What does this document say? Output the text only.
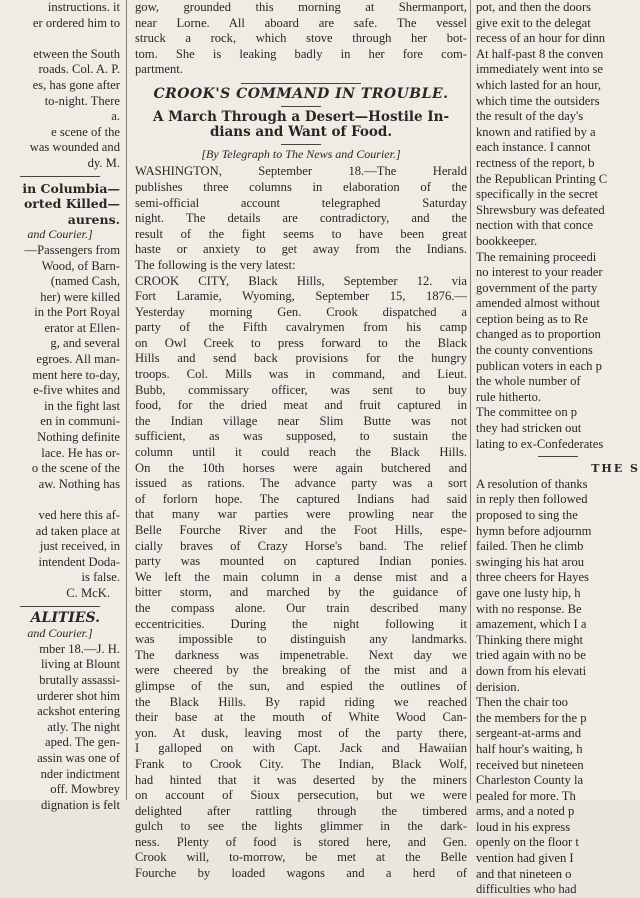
instructions. it
er ordered him to

etween the South
roads. Col. A. P.
es, has gone after
to-night. There
a.
e scene of the
was wounded and
dy. M.
in Columbia—
orted Killed—
aurens.
and Courier.]
—Passengers from
Wood, of Barn-
(named Cash,
her) were killed
in the Port Royal
erator at Ellen-
g, and several
egroes. All man-
ment here to-day,
e-five whites and
in the fight last
en in communi-
Nothing definite
lace. He has or-
o the scene of the
aw. Nothing has

ved here this af-
ad taken place at
just received, in
intendent Doda-
is false.
C. McK.
ALITIES.
and Courier.]
mber 18.—J. H.
living at Blount
brutally assassi-
urderer shot him
ackshot entering
atly. The night
aped. The gen-
assin was one of
nder indictment
off. Mowbrey
dignation is felt
gow, grounded this morning at Shermanport,
near Lorne. All aboard are safe. The vessel
struck a rock, which stove through her bot-
tom. She is leaking badly in her fore com-
partment.
CROOK'S COMMAND IN TROUBLE.
A March Through a Desert—Hostile In-
dians and Want of Food.
[By Telegraph to The News and Courier.]
WASHINGTON, September 18.—The Herald
publishes three columns in elaboration of the
semi-official account telegraphed Saturday
night. The details are contradictory, and the
result of the fight seems to have been great
haste or anxiety to get away from the Indians.
The following is the very latest:
CROOK CITY, Black Hills, September 12. via
Fort Laramie, Wyoming, September 15, 1876.—
Yesterday morning Gen. Crook dispatched a
party of the Fifth cavalrymen from his camp
on Owl Creek to press forward to the Black
Hills and send back provisions for the hungry
troops. Col. Mills was in command, and Lieut.
Bubb, commissary officer, was sent to buy
food, for the dried meat and fruit captured in
the Indian village near Slim Butte was not
sufficient, as was supposed, to sustain the
column until it could reach the Black Hills.
On the 10th horses were again butchered and
issued as rations. The advance party was a sort
of forlorn hope. The captured Indians had said
that many war parties were prowling near the
Belle Fourche River and the Foot Hills, espe-
cially braves of Crazy Horse's band. The relief
party was mounted on captured Indian ponies.
We left the main column in a dense mist and a
bitter storm, and marched by the guidance of
the compass alone. Our train described many
eccentricities. During the night following it
was impossible to distinguish any landmarks.
The darkness was impenetrable. Next day we
were cheered by the breaking of the mist and a
glimpse of the sun, and espied the outlines of
the Black Hills. By rapid riding we reached
their base at the mouth of White Wood Can-
yon. At dusk, leaving most of the party there,
I galloped on with Capt. Jack and Hawaiian
Frank to Crook City. The Indian, Black Wolf,
had hinted that it was deserted by the miners
on account of Sioux persecution, but we were
delighted after rattling through the timbered
gulch to see the lights glimmer in the dark-
ness. Plenty of food is stored here, and Gen.
Crook will, to-morrow, be met at the Belle
Fourche by loaded wagons and a herd of
pot, and then the doors
give exit to the delegat
recess of an hour for dinn
At half-past 8 the conven
immediately went into se
which lasted for an hour,
which time the outsiders
the result of the day's
known and ratified by a
each instance. I cannot
rectness of the report, b
the Republican Printing C
specifically in the secret
Shrewsbury was defeated
nection with that conce
bookkeeper.
The remaining proceedi
no interest to your reader
government of the party
amended almost without
ception being as to Re
changed as to proportion
the county conventions
publican voters in each p
the whole number of
rule hitherto.
The committee on p
they had stricken out
lating to ex-Confederates
THE S
A resolution of thanks
in reply then followed
proposed to sing the
hymn before adjournm
failed. Then he climb
swinging his hat arou
three cheers for Hayes
gave one lusty hip, h
with no response. Be
amazement, which I a
Thinking there might
tried again with no be
down from his elevati
derision.
Then the chair too
the members for the p
sergeant-at-arms and
half hour's waiting, h
received but nineteen
Charleston County la
pealed for more. Th
arms, and a noted p
loud in his express
openly on the floor t
vention had given I
and that nineteen o
difficulties who had
